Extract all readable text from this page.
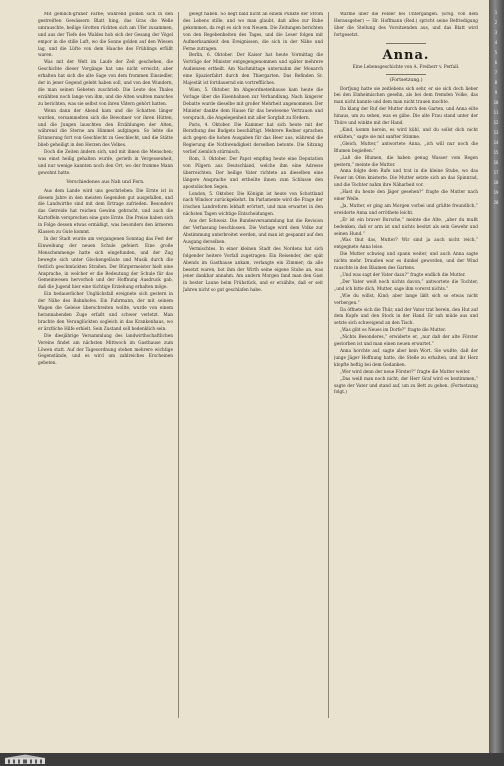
Mit gelblich-grüner Farbe; während golden sich in den gestreiften Gewässern Blatt hing, das Gras die Welle umrauschte, heilige Grotten rückten sich am Ufer zusammen, und aus der Tiefe des Waldes hob sich der Gesang der Vögel empor in die stille Luft, wo die Sonne golden auf den Wiesen lag, und die Lüfte von dem Hauche des Frühlings erfüllt waren.

Was mit der Welt im Laufe der Zeit geschehen, die Geschichte dieser Vorgänge hat uns nicht erreicht; aber erhalten hat sich die alte Sage von dem frommen Einsiedler, der in jener Gegend gelebt haben soll, und von den Wundern, die man seinen Gebeten zuschrieb. Die Leute des Thales erzählten noch lange von ihm, und die Alten wußten manches zu berichten, was sie selbst von ihren Vätern gehört hatten.

Wenn dann der Abend kam und die Schatten länger wurden, versammelten sich die Bewohner vor ihren Hütten, und die Jungen lauschten den Erzählungen der Alten, während die Sterne am Himmel aufgingen. So lebte die Erinnerung fort von Geschlecht zu Geschlecht, und die Stätte blieb geheiligt in den Herzen des Volkes.

Doch die Zeiten ändern sich, und mit ihnen die Menschen; was einst heilig gehalten wurde, gerieth in Vergessenheit, und nur wenige kannten noch den Ort, wo der fromme Mann gewohnt hatte.

Verschiedenes aus Nah und Fern.

Aus dem Lande wird uns geschrieben: Die Ernte ist in diesem Jahre in den meisten Gegenden gut ausgefallen, und die Landwirthe sind mit dem Ertrage zufrieden. Besonders das Getreide hat reichen Gewinn gebracht, und auch die Kartoffeln versprechen eine gute Ernte. Die Preise haben sich in Folge dessen etwas ermäßigt, was besonders den ärmeren Klassen zu Gute kommt.

In der Stadt wurde am vergangenen Sonntag das Fest der Einweihung der neuen Schule gefeiert. Eine große Menschenmenge hatte sich eingefunden, und der Zug bewegte sich unter Glockengeläute und Musik durch die festlich geschmückten Straßen. Der Bürgermeister hielt eine Ansprache, in welcher er die Bedeutung der Schule für das Gemeinwesen hervorhob und der Hoffnung Ausdruck gab, daß die Jugend hier eine tüchtige Erziehung erhalten möge.

Ein bedauerlicher Unglücksfall ereignete sich gestern in der Nähe des Bahnhofes. Ein Fuhrmann, der mit seinem Wagen die Geleise überschreiten wollte, wurde von einem herannahenden Zuge erfaßt und schwer verletzt. Man brachte den Verunglückten sogleich in das Krankenhaus, wo er ärztliche Hilfe erhielt. Sein Zustand soll bedenklich sein.

Die diesjährige Versammlung des landwirthschaftlichen Vereins findet am nächsten Mittwoch im Gasthause zum Löwen statt. Auf der Tagesordnung stehen mehrere wichtige Gegenstände, und es wird um zahlreiches Erscheinen gebeten.

gelegt haben. So liegt bald nicht an einem Punkte der Strom des Lebens stille, und wo man glaubt, daß alles zur Ruhe gekommen, da regt es sich von Neuem. Die Zeitungen berichten von den Begebenheiten des Tages, und die Leser folgen mit Aufmerksamkeit den Ereignissen, die sich in der Nähe und Ferne zutragen.

Berlin, 6. Oktober. Der Kaiser hat heute Vormittag die Vorträge der Minister entgegengenommen und später mehrere Audienzen ertheilt. Am Nachmittage unternahm der Monarch eine Spazierfahrt durch den Thiergarten. Das Befinden Sr. Majestät ist fortdauernd ein vortreffliches.

Wien, 5. Oktober. Im Abgeordnetenhause kam heute die Vorlage über die Eisenbahnen zur Verhandlung. Nach längerer Debatte wurde dieselbe mit großer Mehrheit angenommen. Der Minister dankte dem Hause für das bewiesene Vertrauen und versprach, die Angelegenheit mit aller Sorgfalt zu fördern.

Paris, 4. Oktober. Die Kammer hat sich heute mit der Berathung des Budgets beschäftigt. Mehrere Redner sprachen sich gegen die hohen Ausgaben für das Heer aus, während die Regierung die Nothwendigkeit derselben betonte. Die Sitzung verlief ziemlich stürmisch.

Rom, 3. Oktober. Der Papst empfing heute eine Deputation von Pilgern aus Deutschland, welche ihm eine Adresse überreichten. Der heilige Vater richtete an dieselben eine längere Ansprache und ertheilte ihnen zum Schlusse den apostolischen Segen.

London, 5. Oktober. Die Königin ist heute von Schottland nach Windsor zurückgekehrt. Im Parlamente wird die Frage der irischen Landreform lebhaft erörtert, und man erwartet in den nächsten Tagen wichtige Entscheidungen.

Aus der Schweiz. Die Bundesversammlung hat die Revision der Verfassung beschlossen. Die Vorlage wird dem Volke zur Abstimmung unterbreitet werden, und man ist gespannt auf den Ausgang derselben.

Vermischtes. In einer kleinen Stadt des Nordens hat sich folgender heitere Vorfall zugetragen: Ein Reisender, der spät Abends im Gasthause ankam, verlangte ein Zimmer; da alle besetzt waren, bot ihm der Wirth seine eigene Stube an, was jener dankbar annahm. Am andern Morgen fand man den Gast in bester Laune beim Frühstück, und er erzählte, daß er seit Jahren nicht so gut geschlafen habe.

Wärme über die Felder bei Untergangen. (Ersg. von dem Herausgeber) — Hr. Hoffmann (Red.) spricht seine Befriedigung über die Stellung des Vorsitzenden aus, und das Blatt wird fortgesetzt.

Anna.
Eine Lebensgeschichte von A. Freiherr v. Perfall.

(Fortsetzung.)

Dorfjung hatte sie zeitlebens sich sehr, er sie sich doch lieber bei den Einheimischen gesehn, als bei dem fremden Volke, das man nicht kannte und dem man nicht trauen mochte.

Da klang der Ruf der Mutter durch den Garten, und Anna eilte hinaus, um zu sehen, was es gäbe. Die alte Frau stand unter der Thüre und winkte mit der Hand.

„Kind, komm herein, es wird kühl, und du sollst dich nicht erkälten,“ sagte sie mit sanfter Stimme.

„Gleich, Mutter,“ antwortete Anna, „ich will nur noch die Blumen begießen.“

„Laß die Blumen, die haben genug Wasser vom Regen gestern,“ meinte die Mutter.

Anna folgte dem Rufe und trat in die kleine Stube, wo das Feuer im Ofen knisterte. Die Mutter setzte sich an das Spinnrad, und die Tochter nahm ihre Näharbeit vor.

„Hast du heute den Jäger gesehen?“ fragte die Mutter nach einer Weile.

„Ja, Mutter, er ging am Morgen vorbei und grüßte freundlich,“ erwiderte Anna und erröthete leicht.

„Er ist ein braver Bursche,“ meinte die Alte, „aber du mußt bedenken, daß er arm ist und nichts besitzt als sein Gewehr und seinen Hund.“

„Was thut das, Mutter? Wir sind ja auch nicht reich,“ entgegnete Anna leise.

Die Mutter schwieg und spann weiter, und auch Anna sagte nichts mehr. Draußen war es dunkel geworden, und der Wind rauschte in den Bäumen des Gartens.

„Und was sagt der Vater dazu?“ fragte endlich die Mutter.

„Der Vater weiß noch nichts davon,“ antwortete die Tochter, „und ich bitte dich, Mutter, sage ihm vorerst nichts.“

„Wie du willst, Kind; aber lange läßt sich so etwas nicht verbergen.“

Da öffnete sich die Thür, und der Vater trat herein, den Hut auf dem Kopfe und den Stock in der Hand. Er sah müde aus und setzte sich schweigend an den Tisch.

„Was gibt es Neues im Dorfe?“ fragte die Mutter.

„Nichts Besonderes,“ erwiderte er, „nur daß der alte Förster gestorben ist und man einen neuen erwartet.“

Anna horchte auf, sagte aber kein Wort. Sie wußte, daß der junge Jäger Hoffnung hatte, die Stelle zu erhalten, und ihr Herz klopfte heftig bei dem Gedanken.

„Wer wird denn der neue Förster?“ fragte die Mutter weiter.

„Das weiß man noch nicht; der Herr Graf wird es bestimmen,“ sagte der Vater und stand auf, um zu Bett zu gehen. (Fortsetzung folgt.)

1
2
3
4
5
6
7
8
9
10
11
12
13
14
15
16
17
18
19
20
